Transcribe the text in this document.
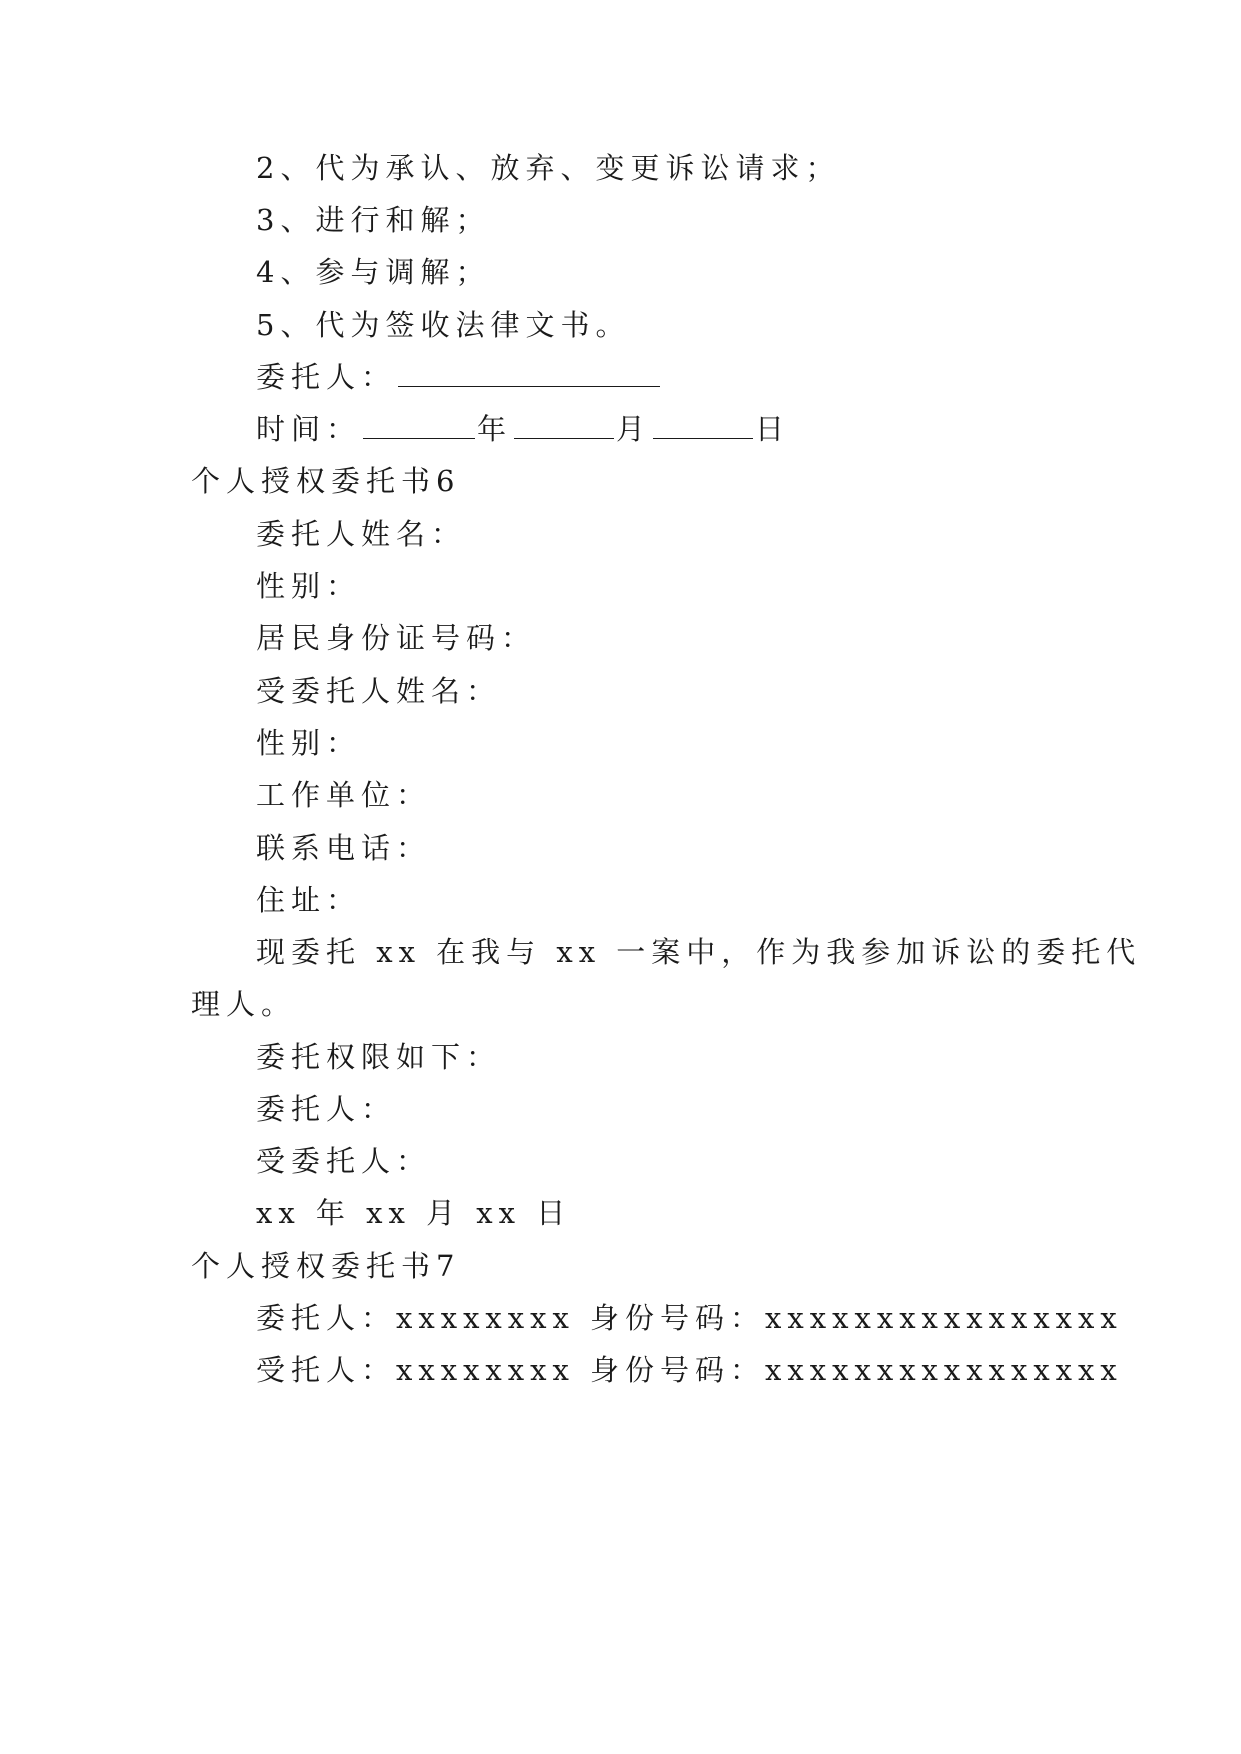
2、代为承认、放弃、变更诉讼请求；
3、进行和解；
4、参与调解；
5、代为签收法律文书。
委托人：
时间：	年	月	日
个人授权委托书6
委托人姓名：
性别：
居民身份证号码：
受委托人姓名：
性别：
工作单位：
联系电话：
住址：
现委托 xx 在我与 xx 一案中，作为我参加诉讼的委托代
理人。
委托权限如下：
委托人：
受委托人：
xx 年 xx 月 xx 日
个人授权委托书7
委托人：xxxxxxxx 身份号码：xxxxxxxxxxxxxxxx
受托人：xxxxxxxx 身份号码：xxxxxxxxxxxxxxxx
